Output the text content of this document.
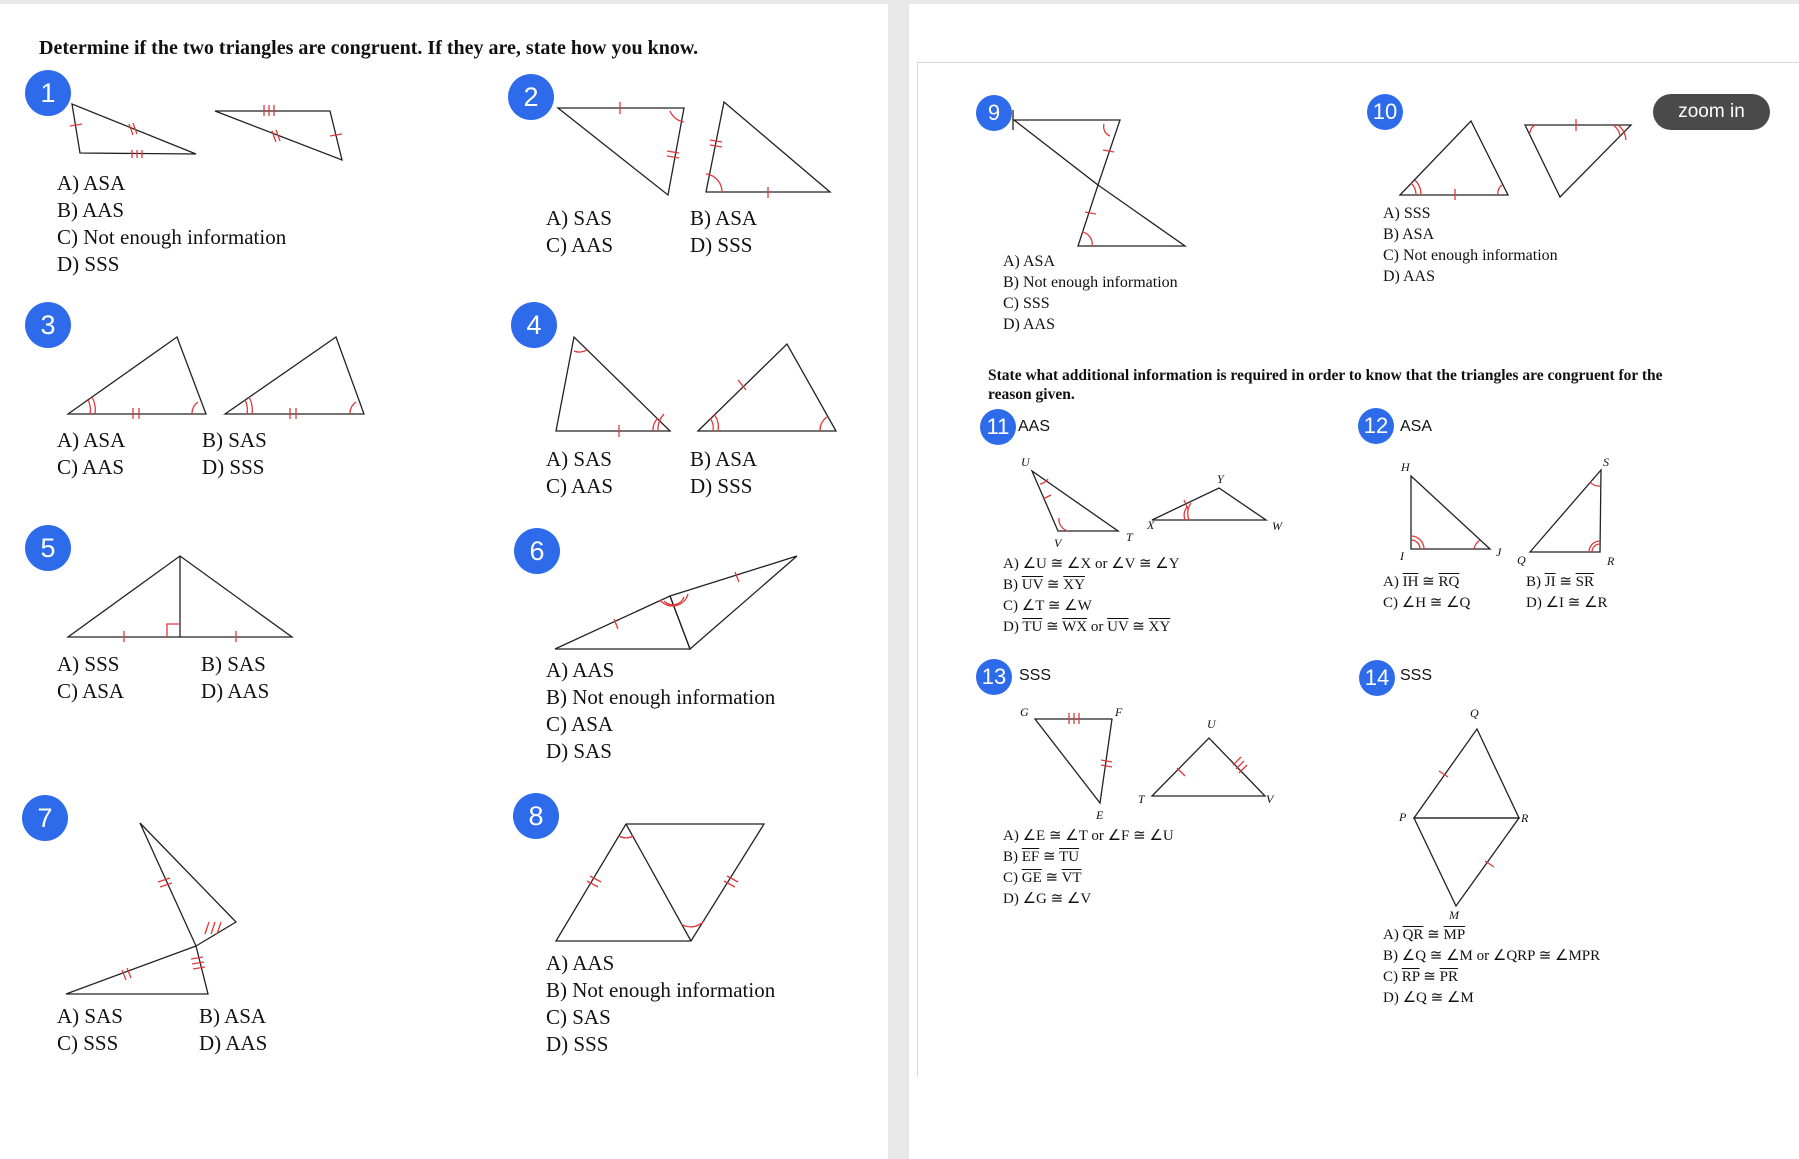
Determine if the two triangles are congruent. If they are, state how you know.
1
A) ASA
B) AAS
C) Not enough information
D) SSS
2
A) SAS	B) ASA
C) AAS	D) SSS
3
A) ASA	B) SAS
C) AAS	D) SSS
4
A) SAS	B) ASA
C) AAS	D) SSS
5
A) SSS	B) SAS
C) ASA	D) AAS
6
A) AAS
B) Not enough information
C) ASA
D) SAS
7
A) SAS	B) ASA
C) SSS	D) AAS
8
A) AAS
B) Not enough information
C) SAS
D) SSS
U
V	T
X
Y
W
H
I	J
S
Q	R
G	F
E
U
T	V
Q
P	R
M
zoom in
9
A) ASA
B) Not enough information
C) SSS
D) AAS
10
A) SSS
B) ASA
C) Not enough information
D) AAS
State what additional information is required in order to know that the triangles are congruent for the reason given.
11 AAS
A) ∠U ≅ ∠X or ∠V ≅ ∠Y
B) $\overline{UV}$ ≅ $\overline{XY}$
C) ∠T ≅ ∠W
D) $\overline{TU}$ ≅ $\overline{WX}$ or $\overline{UV}$ ≅ $\overline{XY}$
12 ASA
A) $\overline{IH}$ ≅ $\overline{RQ}$	B) $\overline{JI}$ ≅ $\overline{SR}$
C) ∠H ≅ ∠Q	D) ∠I ≅ ∠R
13 SSS
A) ∠E ≅ ∠T or ∠F ≅ ∠U
B) $\overline{EF}$ ≅ $\overline{TU}$
C) $\overline{GE}$ ≅ $\overline{VT}$
D) ∠G ≅ ∠V
14 SSS
A) $\overline{QR}$ ≅ $\overline{MP}$
B) ∠Q ≅ ∠M or ∠QRP ≅ ∠MPR
C) $\overline{RP}$ ≅ $\overline{PR}$
D) ∠Q ≅ ∠M
